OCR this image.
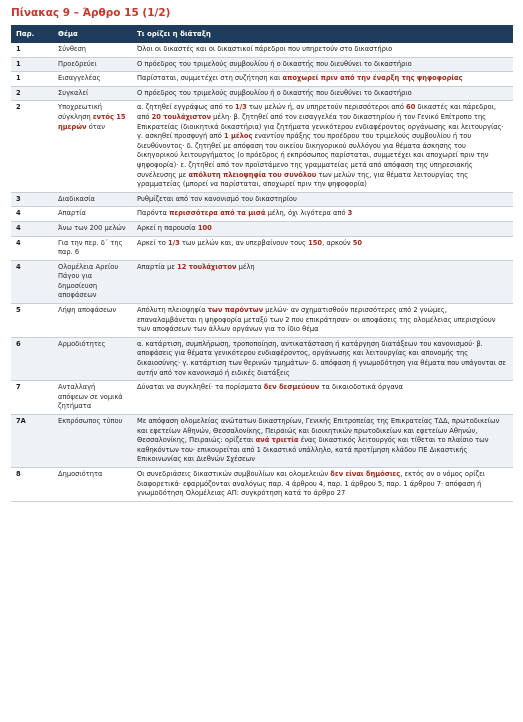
Πίνακας 9 – Άρθρο 15 (1/2)
Παρ.	Θέμα	Τι ορίζει η διάταξη
1	Σύνθεση	Όλοι οι δικαστές και οι δικαστικοί πάρεδροι που υπηρετούν στο δικαστήριο
1	Προεδρεύει	Ο πρόεδρος του τριμελούς συμβουλίου ή ο δικαστής που διευθύνει το δικαστήριο
1	Εισαγγελέας	Παρίσταται, συμμετέχει στη συζήτηση και αποχωρεί πριν από την έναρξη της ψηφοφορίας
2	Συγκαλεί	Ο πρόεδρος του τριμελούς συμβουλίου ή ο δικαστής που διευθύνει το δικαστήριο
2	Υποχρεωτική σύγκληση εντός 15 ημερών όταν	α. ζητηθεί εγγράφως από το 1/3 των μελών ή, αν υπηρετούν περισσότεροι από 60 δικαστές και πάρεδροι, από 20 τουλάχιστον μέλη· β. ζητηθεί από τον εισαγγελέα του δικαστηρίου ή τον Γενικό Επίτροπο της Επικρατείας (διοικητικά δικαστήρια) για ζητήματα γενικότερου ενδιαφέροντος οργάνωσης και λειτουργίας· γ. ασκηθεί προσφυγή από 1 μέλος εναντίον πράξης του προέδρου του τριμελούς συμβουλίου ή του διευθύνοντος· δ. ζητηθεί με απόφαση του οικείου δικηγορικού συλλόγου για θέματα άσκησης του δικηγορικού λειτουργήματος (ο πρόεδρος ή εκπρόσωπος παρίσταται, συμμετέχει και αποχωρεί πριν την ψηφοφορία)· ε. ζητηθεί από τον προϊστάμενο της γραμματείας μετά από απόφαση της υπηρεσιακής συνέλευσης με απόλυτη πλειοψηφία του συνόλου των μελών της, για θέματα λειτουργίας της γραμματείας (μπορεί να παρίσταται, αποχωρεί πριν την ψηφοφορία)
3	Διαδικασία	Ρυθμίζεται από τον κανονισμό του δικαστηρίου
4	Απαρτία	Παρόντα περισσότερα από τα μισά μέλη, όχι λιγότερα από 3
4	Άνω των 200 μελών	Αρκεί η παρουσία 100
4	Για την περ. δ΄ της παρ. 6	Αρκεί το 1/3 των μελών και, αν υπερβαίνουν τους 150, αρκούν 50
4	Ολομέλεια Αρείου Πάγου για δημοσίευση αποφάσεων	Απαρτία με 12 τουλάχιστον μέλη
5	Λήψη αποφάσεων	Απόλυτη πλειοψηφία των παρόντων μελών· αν σχηματισθούν περισσότερες από 2 γνώμες, επαναλαμβάνεται η ψηφοφορία μεταξύ των 2 που επικράτησαν· οι αποφάσεις της ολομέλειας υπερισχύουν των αποφάσεων των άλλων οργάνων για το ίδιο θέμα
6	Αρμοδιότητες	α. κατάρτιση, συμπλήρωση, τροποποίηση, αντικατάσταση ή κατάργηση διατάξεων του κανονισμού· β. αποφάσεις για θέματα γενικότερου ενδιαφέροντος, οργάνωσης και λειτουργίας και απονομής της δικαιοσύνης· γ. κατάρτιση των θερινών τμημάτων· δ. απόφαση ή γνωμοδότηση για θέματα που υπάγονται σε αυτήν από τον κανονισμό ή ειδικές διατάξεις
7	Ανταλλαγή απόψεων σε νομικά ζητήματα	Δύναται να συγκληθεί· τα πορίσματα δεν δεσμεύουν τα δικαιοδοτικά όργανα
7Α	Εκπρόσωπος τύπου	Με απόφαση ολομελείας ανώτατων δικαστηρίων, Γενικής Επιτροπείας της Επικρατείας ΤΔΔ, πρωτοδικείων και εφετείων Αθηνών, Θεσσαλονίκης, Πειραιώς και διοικητικών πρωτοδικείων και εφετείων Αθηνών, Θεσσαλονίκης, Πειραιώς: ορίζεται ανά τριετία ένας δικαστικός λειτουργός και τίθεται το πλαίσιο των καθηκόντων του· επικουρείται από 1 δικαστικό υπάλληλο, κατά προτίμηση κλάδου ΠΕ Δικαστικής Επικοινωνίας και Διεθνών Σχέσεων
8	Δημοσιότητα	Οι συνεδριάσεις δικαστικών συμβουλίων και ολομελειών δεν είναι δημόσιες, εκτός αν ο νόμος ορίζει διαφορετικά· εφαρμόζονται αναλόγως παρ. 4 άρθρου 4, παρ. 1 άρθρου 5, παρ. 1 άρθρου 7· απόφαση ή γνωμοδότηση Ολομέλειας ΑΠ: συγκρότηση κατά το άρθρο 27
